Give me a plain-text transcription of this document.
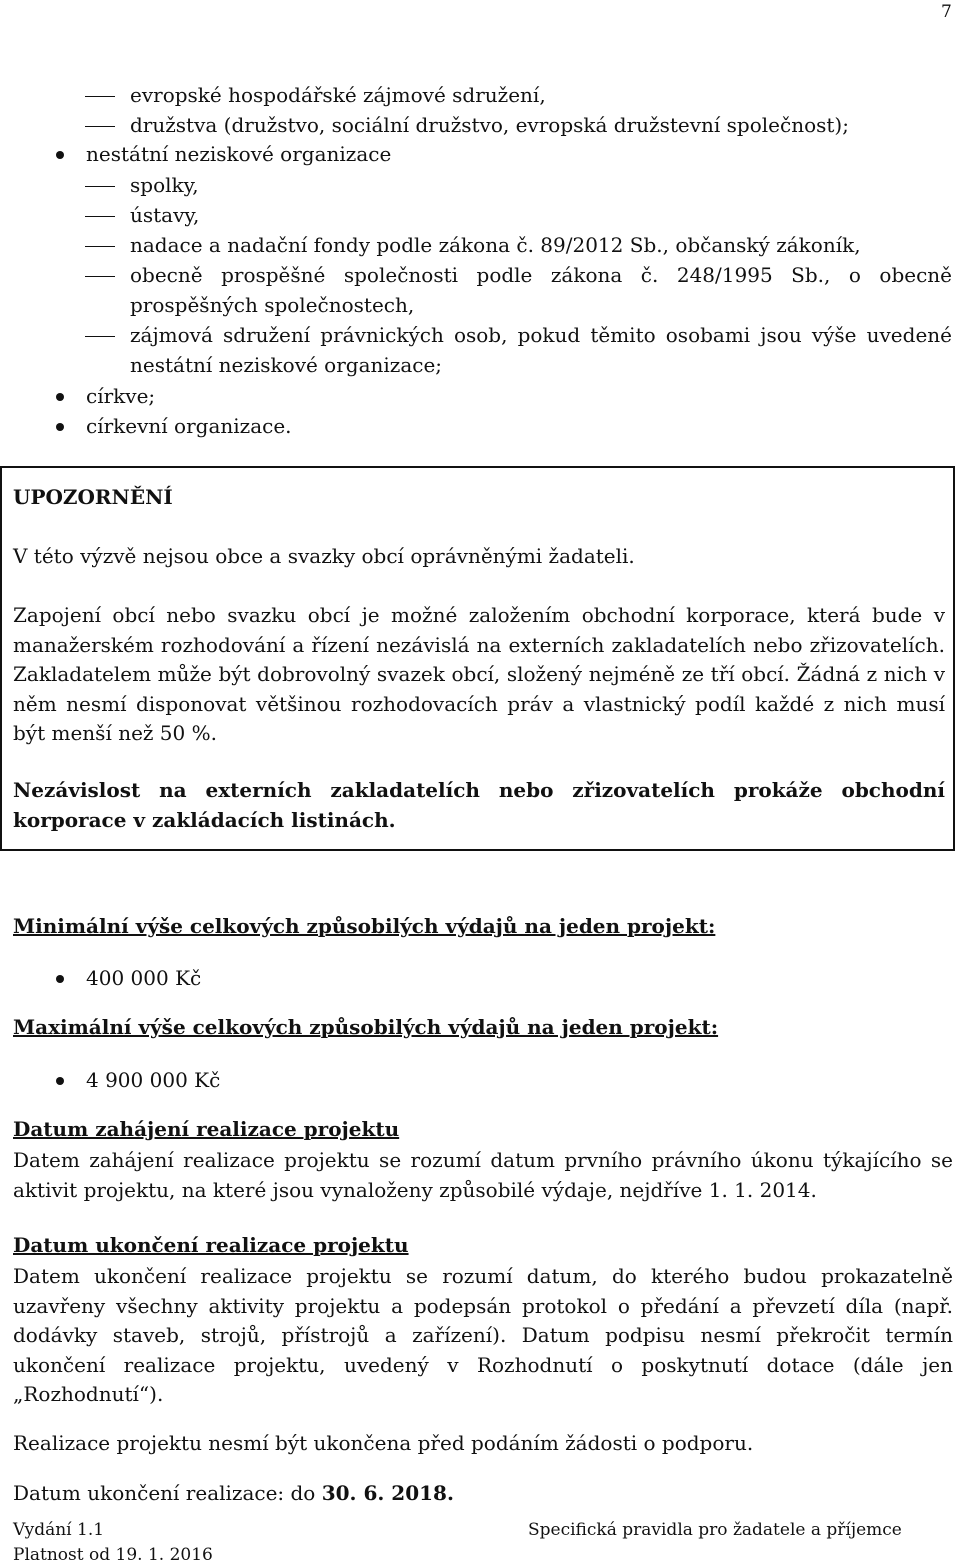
7
evropské hospodářské zájmové sdružení,
družstva (družstvo, sociální družstvo, evropská družstevní společnost);
nestátní neziskové organizace
spolky,
ústavy,
nadace a nadační fondy podle zákona č. 89/2012 Sb., občanský zákoník,
obecně prospěšné společnosti podle zákona č. 248/1995 Sb., o obecně prospěšných společnostech,
zájmová sdružení právnických osob, pokud těmito osobami jsou výše uvedené nestátní neziskové organizace;
církve;
církevní organizace.
UPOZORNĚNÍ
V této výzvě nejsou obce a svazky obcí oprávněnými žadateli.
Zapojení obcí nebo svazku obcí je možné založením obchodní korporace, která bude v manažerském rozhodování a řízení nezávislá na externích zakladatelích nebo zřizovatelích. Zakladatelem může být dobrovolný svazek obcí, složený nejméně ze tří obcí. Žádná z nich v něm nesmí disponovat většinou rozhodovacích práv a vlastnický podíl každé z nich musí být menší než 50 %.
Nezávislost na externích zakladatelích nebo zřizovatelích prokáže obchodní korporace v zakládacích listinách.
Minimální výše celkových způsobilých výdajů na jeden projekt:
400 000 Kč
Maximální výše celkových způsobilých výdajů na jeden projekt:
4 900 000 Kč
Datum zahájení realizace projektu
Datem zahájení realizace projektu se rozumí datum prvního právního úkonu týkajícího se aktivit projektu, na které jsou vynaloženy způsobilé výdaje, nejdříve 1. 1. 2014.
Datum ukončení realizace projektu
Datem ukončení realizace projektu se rozumí datum, do kterého budou prokazatelně uzavřeny všechny aktivity projektu a podepsán protokol o předání a převzetí díla (např. dodávky staveb, strojů, přístrojů a zařízení). Datum podpisu nesmí překročit termín ukončení realizace projektu, uvedený v Rozhodnutí o poskytnutí dotace (dále jen „Rozhodnutí“).
Realizace projektu nesmí být ukončena před podáním žádosti o podporu.
Datum ukončení realizace: do 30. 6. 2018.
Vydání 1.1
Platnost od 19. 1. 2016
Specifická pravidla pro žadatele a příjemce
